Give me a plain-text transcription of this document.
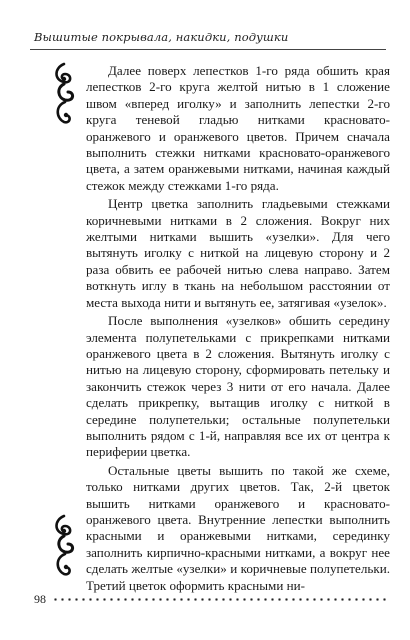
Вышитые покрывала, накидки, подушки

Далее поверх лепестков 1-го ряда обшить края лепестков 2-го круга желтой нитью в 1 сложение швом «вперед иголку» и заполнить лепестки 2-го круга теневой гладью нитками красновато-оранжевого и оранжевого цветов. Причем сначала выполнить стежки нитками красновато-оранжевого цвета, а затем оранжевыми нитками, начиная каждый стежок между стежками 1-го ряда.

Центр цветка заполнить гладьевыми стежками коричневыми нитками в 2 сложения. Вокруг них желтыми нитками вышить «узелки». Для чего вытянуть иголку с ниткой на лицевую сторону и 2 раза обвить ее рабочей нитью слева направо. Затем воткнуть иглу в ткань на небольшом расстоянии от места выхода нити и вытянуть ее, затягивая «узелок».

После выполнения «узелков» обшить середину элемента полупетельками с прикрепками нитками оранжевого цвета в 2 сложения. Вытянуть иголку с нитью на лицевую сторону, сформировать петельку и закончить стежок через 3 нити от его начала. Далее сделать прикрепку, вытащив иголку с ниткой в середине полупетельки; остальные полупетельки выполнить рядом с 1-й, направляя все их от центра к периферии цветка.

Остальные цветы вышить по такой же схеме, только нитками других цветов. Так, 2-й цветок вышить нитками оранжевого и красновато-оранжевого цвета. Внутренние лепестки выполнить красными и оранжевыми нитками, серединку заполнить кирпично-красными нитками, а вокруг нее сделать желтые «узелки» и коричневые полупетельки. Третий цветок оформить красными ни-

98
